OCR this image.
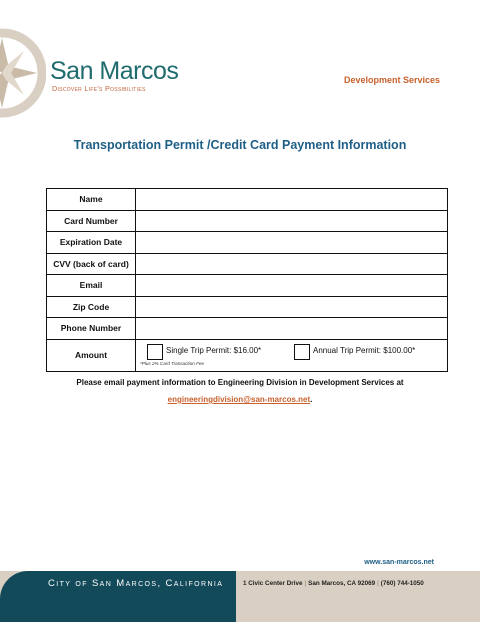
San Marcos
Discover Life's Possibilities
Development Services
Transportation Permit /Credit Card Payment Information
Name	
Card Number	
Expiration Date	
CVV (back of card)	
Email	
Zip Code	
Phone Number	
Amount	Single Trip Permit: $16.00* Annual Trip Permit: $100.00*
*Plus 2% Card Transaction Fee
Please email payment information to Engineering Division in Development Services at
engineeringdivision@san-marcos.net.
www.san-marcos.net
City of San Marcos, California	1 Civic Center Drive | San Marcos, CA 92069 | (760) 744-1050
